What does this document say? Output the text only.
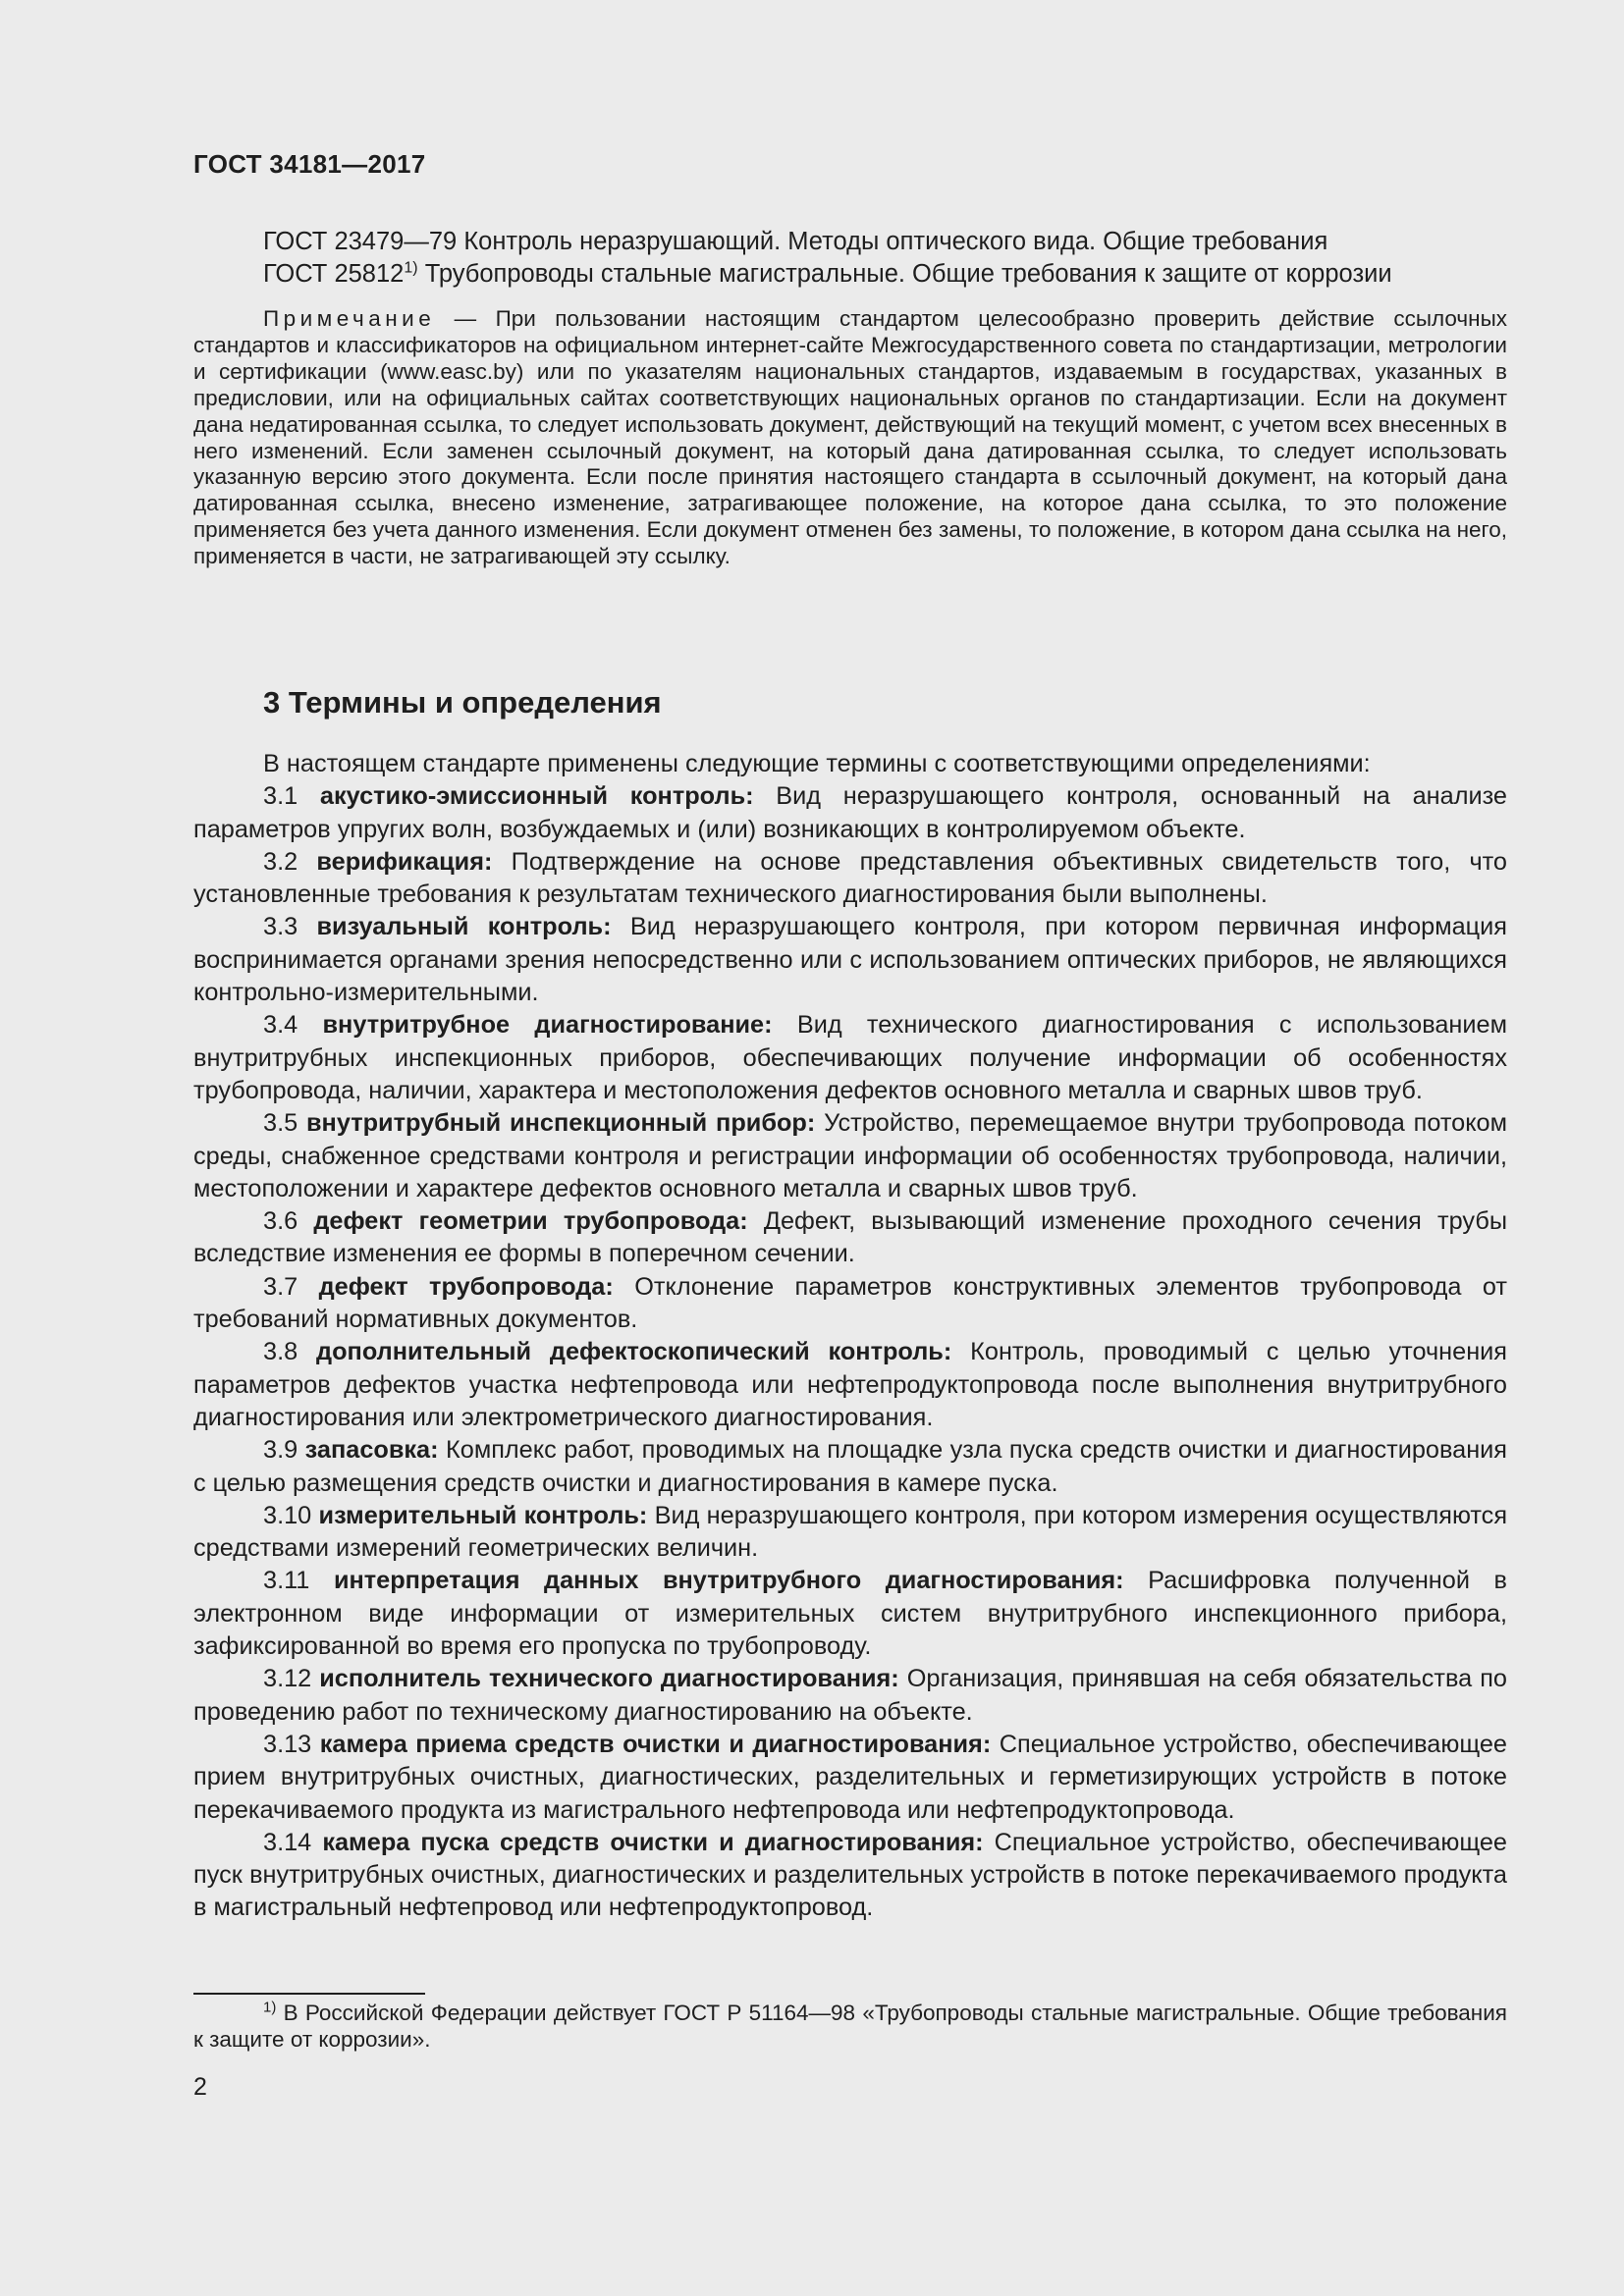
ГОСТ 34181—2017

ГОСТ 23479—79 Контроль неразрушающий. Методы оптического вида. Общие требования

ГОСТ 25812$^{1)}$ Трубопроводы стальные магистральные. Общие требования к защите от коррозии

Примечание — При пользовании настоящим стандартом целесообразно проверить действие ссылочных стандартов и классификаторов на официальном интернет-сайте Межгосударственного совета по стандартизации, метрологии и сертификации (www.easc.by) или по указателям национальных стандартов, издаваемым в государствах, указанных в предисловии, или на официальных сайтах соответствующих национальных органов по стандартизации. Если на документ дана недатированная ссылка, то следует использовать документ, действующий на текущий момент, с учетом всех внесенных в него изменений. Если заменен ссылочный документ, на который дана датированная ссылка, то следует использовать указанную версию этого документа. Если после принятия настоящего стандарта в ссылочный документ, на который дана датированная ссылка, внесено изменение, затрагивающее положение, на которое дана ссылка, то это положение применяется без учета данного изменения. Если документ отменен без замены, то положение, в котором дана ссылка на него, применяется в части, не затрагивающей эту ссылку.

3 Термины и определения

В настоящем стандарте применены следующие термины с соответствующими определениями:

3.1 акустико-эмиссионный контроль: Вид неразрушающего контроля, основанный на анализе параметров упругих волн, возбуждаемых и (или) возникающих в контролируемом объекте.

3.2 верификация: Подтверждение на основе представления объективных свидетельств того, что установленные требования к результатам технического диагностирования были выполнены.

3.3 визуальный контроль: Вид неразрушающего контроля, при котором первичная информация воспринимается органами зрения непосредственно или с использованием оптических приборов, не являющихся контрольно-измерительными.

3.4 внутритрубное диагностирование: Вид технического диагностирования с использованием внутритрубных инспекционных приборов, обеспечивающих получение информации об особенностях трубопровода, наличии, характера и местоположения дефектов основного металла и сварных швов труб.

3.5 внутритрубный инспекционный прибор: Устройство, перемещаемое внутри трубопровода потоком среды, снабженное средствами контроля и регистрации информации об особенностях трубопровода, наличии, местоположении и характере дефектов основного металла и сварных швов труб.

3.6 дефект геометрии трубопровода: Дефект, вызывающий изменение проходного сечения трубы вследствие изменения ее формы в поперечном сечении.

3.7 дефект трубопровода: Отклонение параметров конструктивных элементов трубопровода от требований нормативных документов.

3.8 дополнительный дефектоскопический контроль: Контроль, проводимый с целью уточнения параметров дефектов участка нефтепровода или нефтепродуктопровода после выполнения внутритрубного диагностирования или электрометрического диагностирования.

3.9 запасовка: Комплекс работ, проводимых на площадке узла пуска средств очистки и диагностирования с целью размещения средств очистки и диагностирования в камере пуска.

3.10 измерительный контроль: Вид неразрушающего контроля, при котором измерения осуществляются средствами измерений геометрических величин.

3.11 интерпретация данных внутритрубного диагностирования: Расшифровка полученной в электронном виде информации от измерительных систем внутритрубного инспекционного прибора, зафиксированной во время его пропуска по трубопроводу.

3.12 исполнитель технического диагностирования: Организация, принявшая на себя обязательства по проведению работ по техническому диагностированию на объекте.

3.13 камера приема средств очистки и диагностирования: Специальное устройство, обеспечивающее прием внутритрубных очистных, диагностических, разделительных и герметизирующих устройств в потоке перекачиваемого продукта из магистрального нефтепровода или нефтепродуктопровода.

3.14 камера пуска средств очистки и диагностирования: Специальное устройство, обеспечивающее пуск внутритрубных очистных, диагностических и разделительных устройств в потоке перекачиваемого продукта в магистральный нефтепровод или нефтепродуктопровод.

$^{1)}$ В Российской Федерации действует ГОСТ Р 51164—98 «Трубопроводы стальные магистральные. Общие требования к защите от коррозии».

2
